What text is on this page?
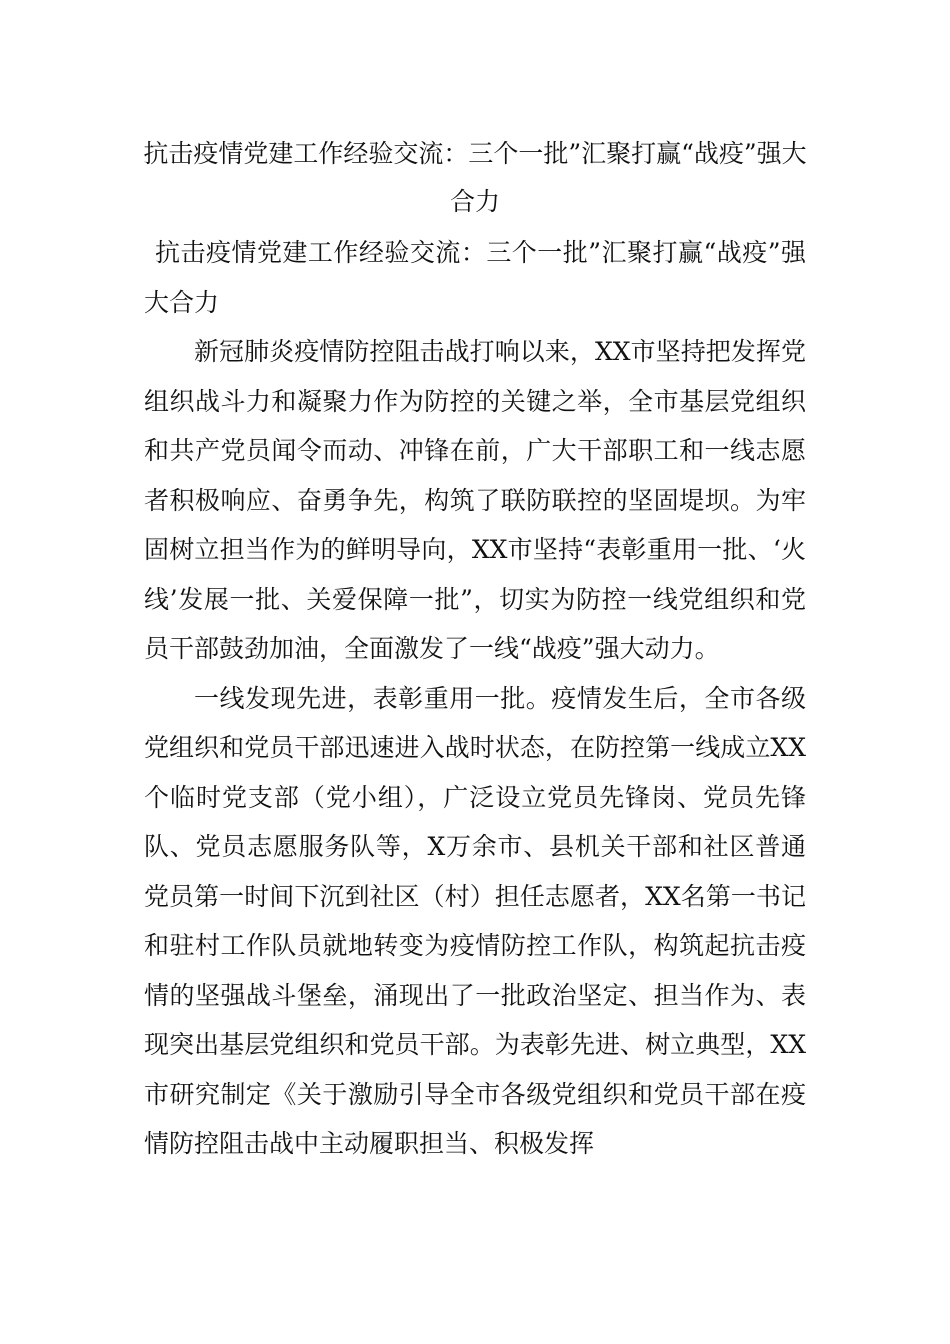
抗击疫情党建工作经验交流：三个一批”汇聚打赢“战疫”强大合力

抗击疫情党建工作经验交流：三个一批”汇聚打赢“战疫”强大合力

新冠肺炎疫情防控阻击战打响以来，XX市坚持把发挥党组织战斗力和凝聚力作为防控的关键之举，全市基层党组织和共产党员闻令而动、冲锋在前，广大干部职工和一线志愿者积极响应、奋勇争先，构筑了联防联控的坚固堤坝。为牢固树立担当作为的鲜明导向，XX市坚持“表彰重用一批、‘火线’发展一批、关爱保障一批”，切实为防控一线党组织和党员干部鼓劲加油，全面激发了一线“战疫”强大动力。

一线发现先进，表彰重用一批。疫情发生后，全市各级党组织和党员干部迅速进入战时状态，在防控第一线成立XX个临时党支部（党小组），广泛设立党员先锋岗、党员先锋队、党员志愿服务队等，X万余市、县机关干部和社区普通党员第一时间下沉到社区（村）担任志愿者，XX名第一书记和驻村工作队员就地转变为疫情防控工作队，构筑起抗击疫情的坚强战斗堡垒，涌现出了一批政治坚定、担当作为、表现突出基层党组织和党员干部。为表彰先进、树立典型，XX市研究制定《关于激励引导全市各级党组织和党员干部在疫情防控阻击战中主动履职担当、积极发挥
